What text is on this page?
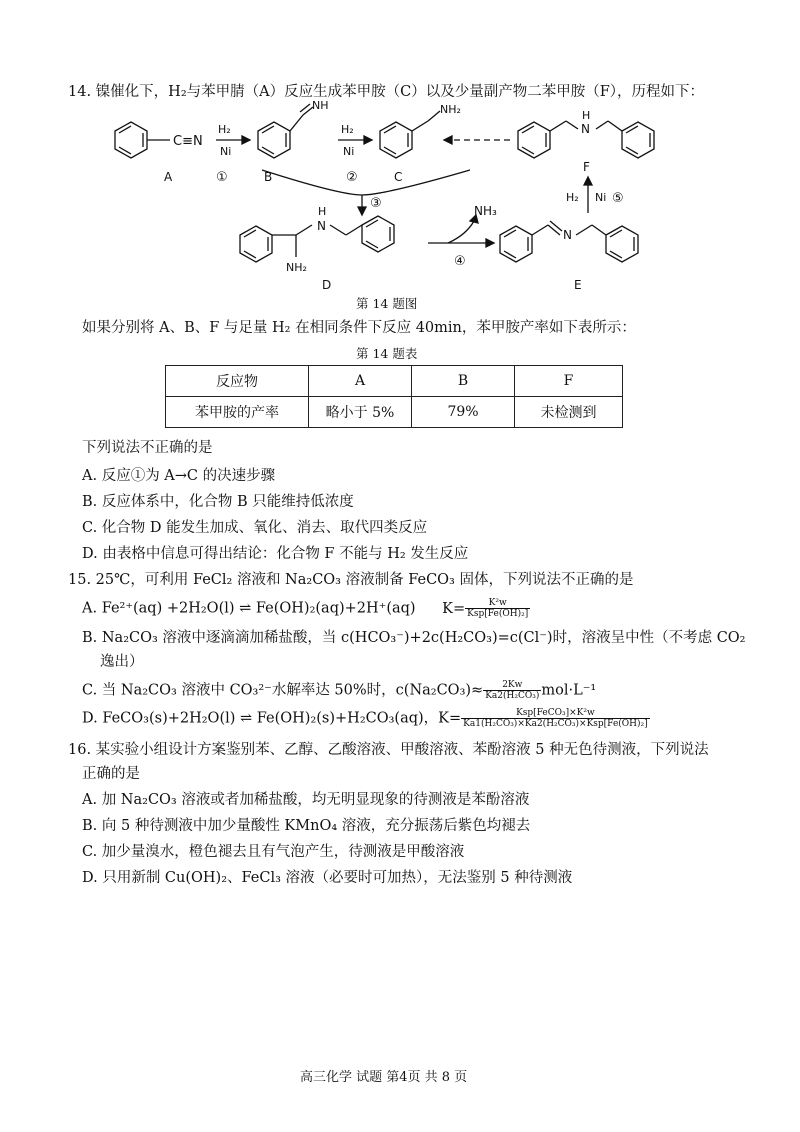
14. 镍催化下，H₂与苯甲腈（A）反应生成苯甲胺（C）以及少量副产物二苯甲胺（F），历程如下：
C≡N
A
H₂
Ni
①	B
NH
H₂
Ni
②	C
NH₂
N
H
F
H₂ Ni ⑤
③
H
N
NH₂
D
NH₃
④
N
E
第 14 题图
如果分别将 A、B、F 与足量 H₂ 在相同条件下反应 40min，苯甲胺产率如下表所示：
第 14 题表
反应物	A	B	F
苯甲胺的产率	略小于 5%	79%	未检测到
下列说法不正确的是
A. 反应①为 A→C 的决速步骤
B. 反应体系中，化合物 B 只能维持低浓度
C. 化合物 D 能发生加成、氧化、消去、取代四类反应
D. 由表格中信息可得出结论：化合物 F 不能与 H₂ 发生反应
15. 25℃，可利用 FeCl₂ 溶液和 Na₂CO₃ 溶液制备 FeCO₃ 固体，下列说法不正确的是
A. Fe²⁺(aq) +2H₂O(l) ⇌ Fe(OH)₂(aq)+2H⁺(aq) $K= \frac{\text{K²w}}{\text{Ksp[Fe(OH)₂]}}$
B. Na₂CO₃ 溶液中逐滴滴加稀盐酸，当 c(HCO₃⁻)+2c(H₂CO₃)=c(Cl⁻)时，溶液呈中性（不考虑 CO₂
逸出）
C. 当 Na₂CO₃ 溶液中 CO₃²⁻水解率达 50%时，$c(Na_2CO_3)\approx \frac{2Kw}{\text{Ka2(H₂CO₃)}} mol\cdot L^{-1}$
D. FeCO₃(s)+2H₂O(l) ⇌ Fe(OH)₂(s)+H₂CO₃(aq)，$K= \frac{\text{Ksp[FeCO₃]×K²w}}{\text{Ka1(H₂CO₃)×Ka2(H₂CO₃)×Ksp[Fe(OH)₂]}}$
16. 某实验小组设计方案鉴别苯、乙醇、乙酸溶液、甲酸溶液、苯酚溶液 5 种无色待测液，下列说法
正确的是
A. 加 Na₂CO₃ 溶液或者加稀盐酸，均无明显现象的待测液是苯酚溶液
B. 向 5 种待测液中加少量酸性 KMnO₄ 溶液，充分振荡后紫色均褪去
C. 加少量溴水，橙色褪去且有气泡产生，待测液是甲酸溶液
D. 只用新制 Cu(OH)₂、FeCl₃ 溶液（必要时可加热），无法鉴别 5 种待测液
高三化学 试题 第4页 共 8 页
